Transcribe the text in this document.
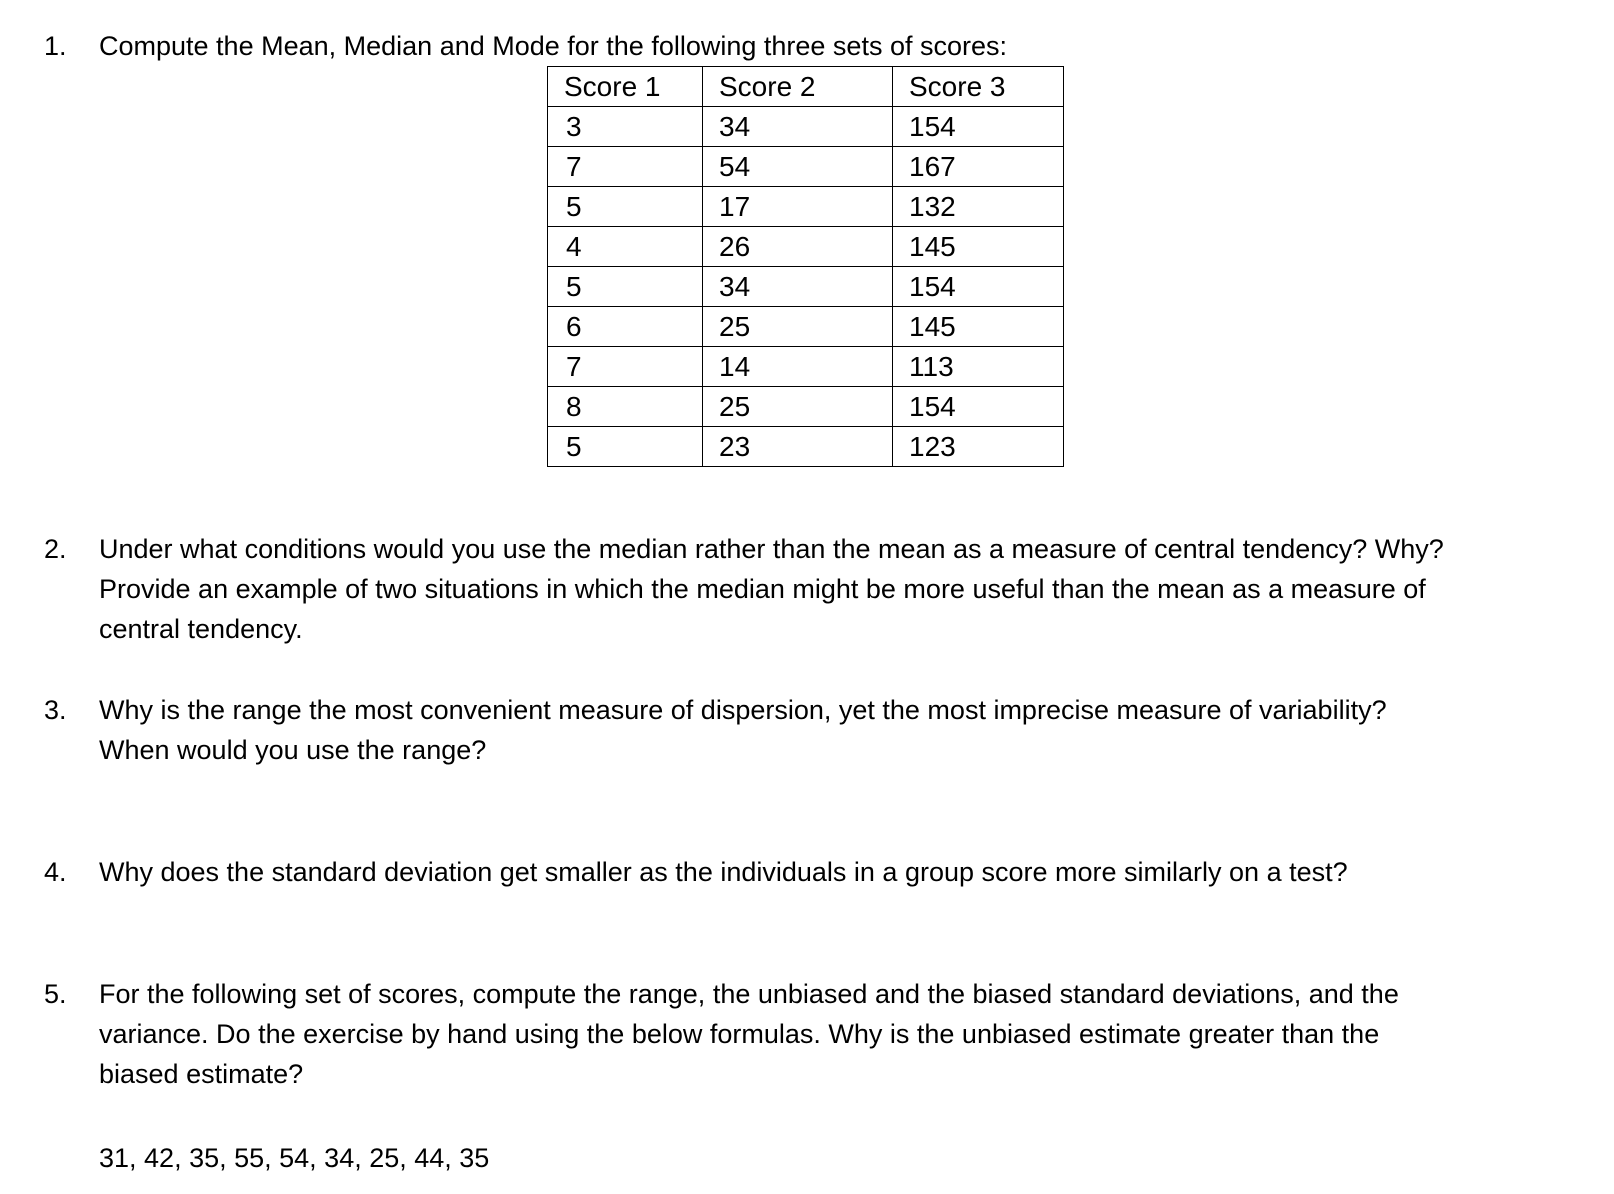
1. Compute the Mean, Median and Mode for the following three sets of scores:
Score 1	Score 2	Score 3
3	34	154
7	54	167
5	17	132
4	26	145
5	34	154
6	25	145
7	14	113
8	25	154
5	23	123
2. Under what conditions would you use the median rather than the mean as a measure of central tendency? Why?
Provide an example of two situations in which the median might be more useful than the mean as a measure of
central tendency.
3. Why is the range the most convenient measure of dispersion, yet the most imprecise measure of variability?
When would you use the range?
4. Why does the standard deviation get smaller as the individuals in a group score more similarly on a test?
5. For the following set of scores, compute the range, the unbiased and the biased standard deviations, and the
variance. Do the exercise by hand using the below formulas. Why is the unbiased estimate greater than the
biased estimate?
31, 42, 35, 55, 54, 34, 25, 44, 35
